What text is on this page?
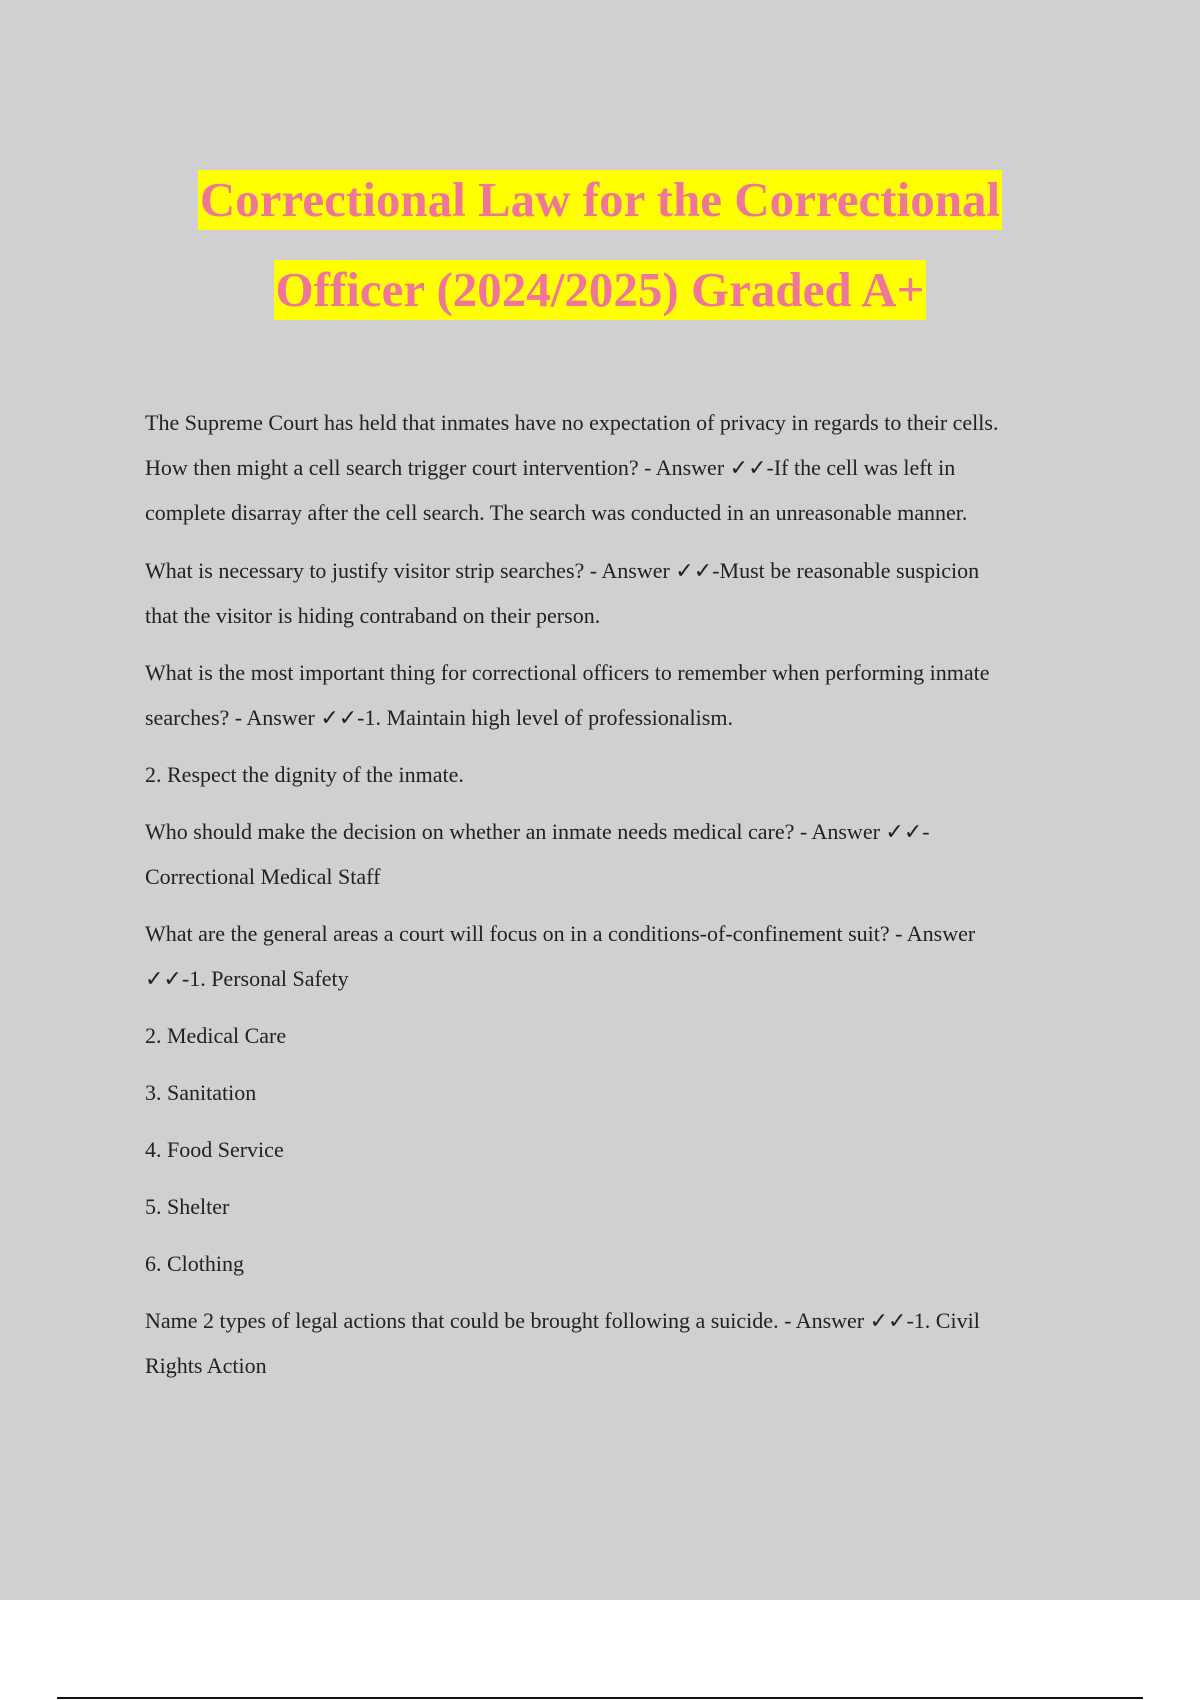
Correctional Law for the Correctional
Officer (2024/2025) Graded A+

The Supreme Court has held that inmates have no expectation of privacy in regards to their cells.
How then might a cell search trigger court intervention? - Answer ✓✓-If the cell was left in
complete disarray after the cell search. The search was conducted in an unreasonable manner.

What is necessary to justify visitor strip searches? - Answer ✓✓-Must be reasonable suspicion
that the visitor is hiding contraband on their person.

What is the most important thing for correctional officers to remember when performing inmate
searches? - Answer ✓✓-1. Maintain high level of professionalism.

2. Respect the dignity of the inmate.

Who should make the decision on whether an inmate needs medical care? - Answer ✓✓-
Correctional Medical Staff

What are the general areas a court will focus on in a conditions-of-confinement suit? - Answer
✓✓-1. Personal Safety

2. Medical Care

3. Sanitation

4. Food Service

5. Shelter

6. Clothing

Name 2 types of legal actions that could be brought following a suicide. - Answer ✓✓-1. Civil
Rights Action
